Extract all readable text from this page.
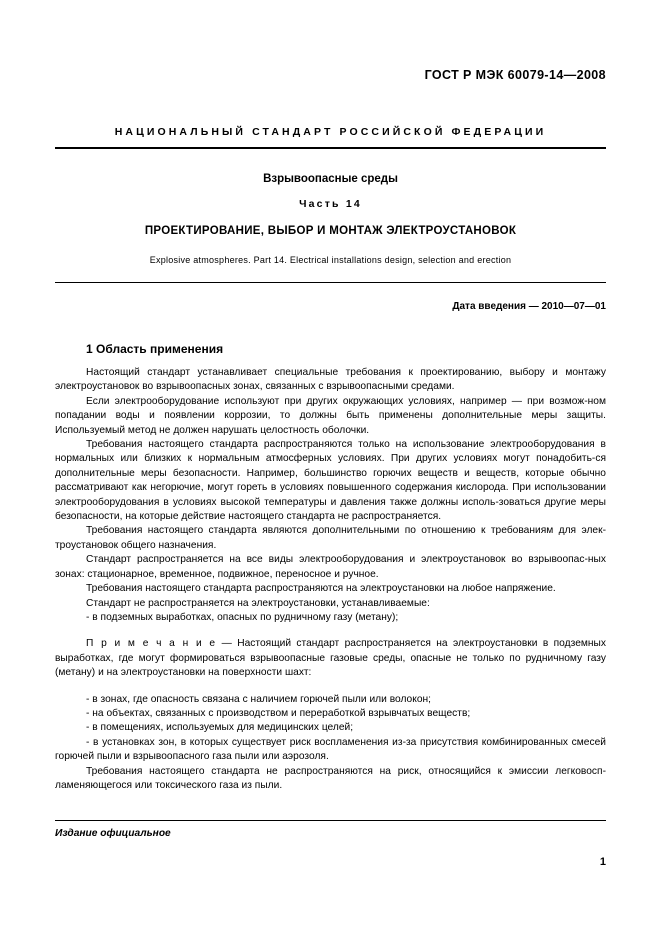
ГОСТ Р МЭК 60079-14—2008
НАЦИОНАЛЬНЫЙ СТАНДАРТ РОССИЙСКОЙ ФЕДЕРАЦИИ
Взрывоопасные среды
Часть 14
ПРОЕКТИРОВАНИЕ, ВЫБОР И МОНТАЖ ЭЛЕКТРОУСТАНОВОК
Explosive atmospheres. Part 14. Electrical installations design, selection and erection
Дата введения — 2010—07—01
1 Область применения

Настоящий стандарт устанавливает специальные требования к проектированию, выбору и монтажу электроустановок во взрывоопасных зонах, связанных с взрывоопасными средами.

Если электрооборудование используют при других окружающих условиях, например — при возмож-ном попадании воды и появлении коррозии, то должны быть применены дополнительные меры защиты. Используемый метод не должен нарушать целостность оболочки.

Требования настоящего стандарта распространяются только на использование электрооборудования в нормальных или близких к нормальным атмосферных условиях. При других условиях могут понадобить-ся дополнительные меры безопасности. Например, большинство горючих веществ и веществ, которые обычно рассматривают как негорючие, могут гореть в условиях повышенного содержания кислорода. При использовании электрооборудования в условиях высокой температуры и давления также должны исполь-зоваться другие меры безопасности, на которые действие настоящего стандарта не распространяется.

Требования настоящего стандарта являются дополнительными по отношению к требованиям для элек-троустановок общего назначения.

Стандарт распространяется на все виды электрооборудования и электроустановок во взрывоопас-ных зонах: стационарное, временное, подвижное, переносное и ручное.

Требования настоящего стандарта распространяются на электроустановки на любое напряжение.

Стандарт не распространяется на электроустановки, устанавливаемые:

- в подземных выработках, опасных по рудничному газу (метану);

П р и м е ч а н и е — Настоящий стандарт распространяется на электроустановки в подземных выработках, где могут формироваться взрывоопасные газовые среды, опасные не только по рудничному газу (метану) и на электроустановки на поверхности шахт:

- в зонах, где опасность связана с наличием горючей пыли или волокон;

- на объектах, связанных с производством и переработкой взрывчатых веществ;

- в помещениях, используемых для медицинских целей;

- в установках зон, в которых существует риск воспламенения из-за присутствия комбинированных смесей горючей пыли и взрывоопасного газа пыли или аэрозоля.

Требования настоящего стандарта не распространяются на риск, относящийся к эмиссии легковосп-ламеняющегося или токсического газа из пыли.

Издание официальное
1
